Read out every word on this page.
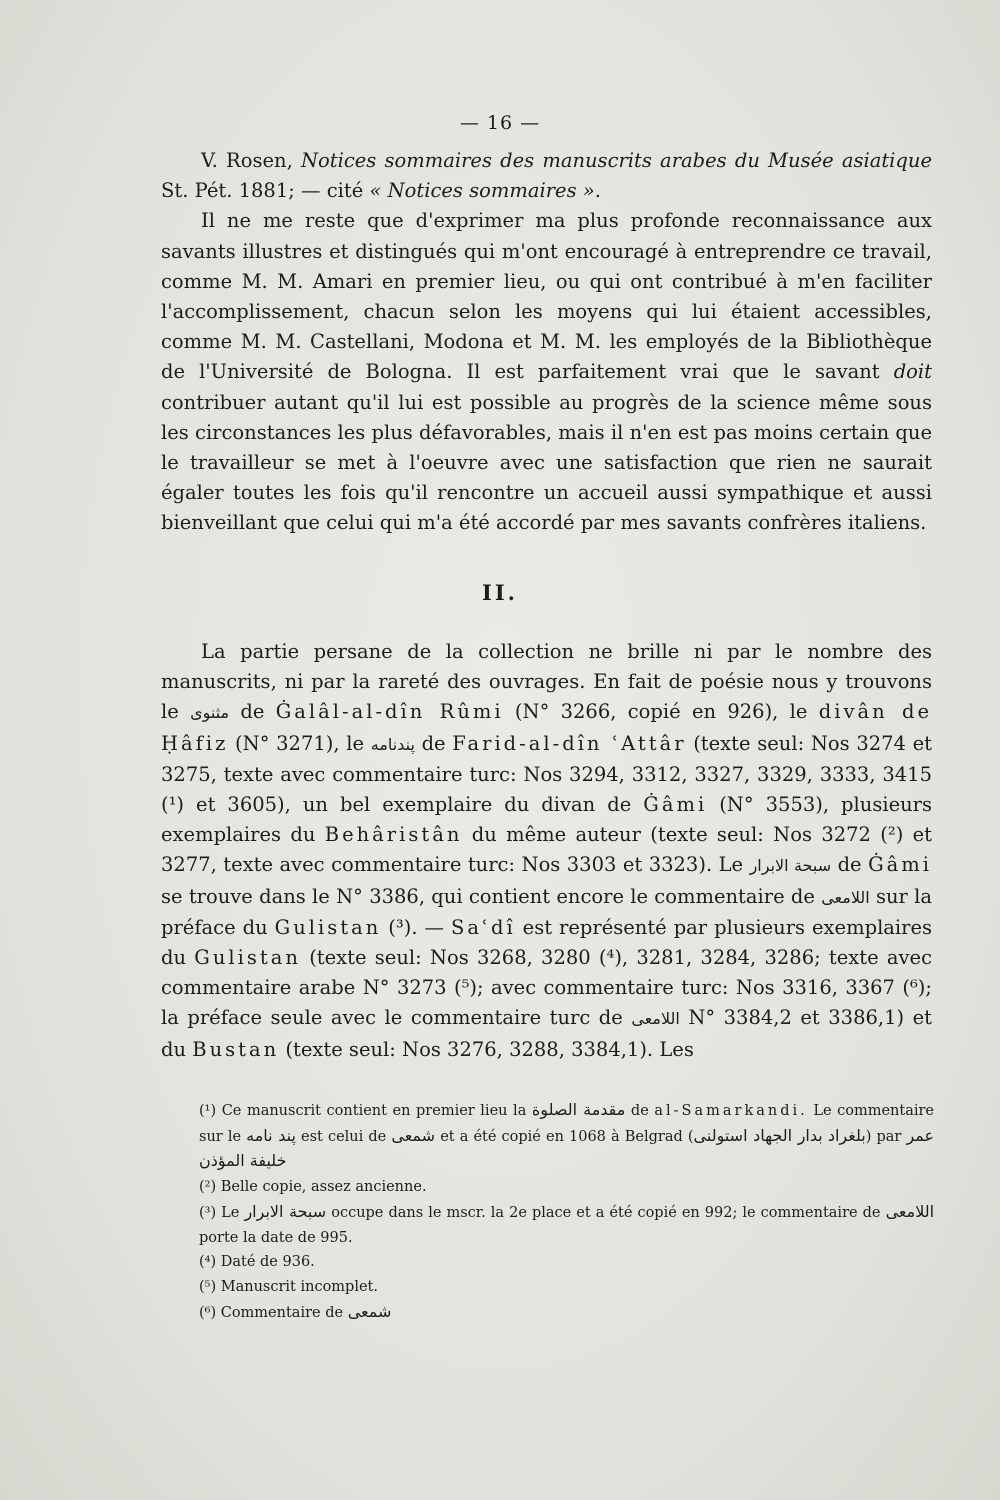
— 16 —

V. Rosen, Notices sommaires des manuscrits arabes du Musée asiatique St. Pét. 1881; — cité « Notices sommaires ».

Il ne me reste que d'exprimer ma plus profonde reconnaissance aux savants illustres et distingués qui m'ont encouragé à entreprendre ce travail, comme M. M. Amari en premier lieu, ou qui ont contribué à m'en faciliter l'accomplissement, chacun selon les moyens qui lui étaient accessibles, comme M. M. Castellani, Modona et M. M. les employés de la Bibliothèque de l'Université de Bologna. Il est parfaitement vrai que le savant doit contribuer autant qu'il lui est possible au progrès de la science même sous les circonstances les plus défavorables, mais il n'en est pas moins certain que le travailleur se met à l'oeuvre avec une satisfaction que rien ne saurait égaler toutes les fois qu'il rencontre un accueil aussi sympathique et aussi bienveillant que celui qui m'a été accordé par mes savants confrères italiens.

II.

La partie persane de la collection ne brille ni par le nombre des manuscrits, ni par la rareté des ouvrages. En fait de poésie nous y trouvons le مثنوى de Ġalâl-al-dîn Rûmi (N° 3266, copié en 926), le divân de Ḥâfiz (N° 3271), le پندنامه de Farid-al-dîn ʿAttâr (texte seul: Nos 3274 et 3275, texte avec commentaire turc: Nos 3294, 3312, 3327, 3329, 3333, 3415 (¹) et 3605), un bel exemplaire du divan de Ġâmi (N° 3553), plusieurs exemplaires du Behâristân du même auteur (texte seul: Nos 3272 (²) et 3277, texte avec commentaire turc: Nos 3303 et 3323). Le سبحة الابرار de Ġâmi se trouve dans le N° 3386, qui contient encore le commentaire de اللامعى sur la préface du Gulistan (³). — Saʿdî est représenté par plusieurs exemplaires du Gulistan (texte seul: Nos 3268, 3280 (⁴), 3281, 3284, 3286; texte avec commentaire arabe N° 3273 (⁵); avec commentaire turc: Nos 3316, 3367 (⁶); la préface seule avec le commentaire turc de اللامعى N° 3384,2 et 3386,1) et du Bustan (texte seul: Nos 3276, 3288, 3384,1). Les

(¹) Ce manuscrit contient en premier lieu la مقدمة الصلوة de al-Samarkandi. Le commentaire sur le پند نامه est celui de شمعى et a été copié en 1068 à Belgrad (بدار الجهاد استولنى بلغراد) par عمر خليفة المؤذن

(²) Belle copie, assez ancienne.

(³) Le سبحة الابرار occupe dans le mscr. la 2e place et a été copié en 992; le commentaire de اللامعى porte la date de 995.

(⁴) Daté de 936.

(⁵) Manuscrit incomplet.

(⁶) Commentaire de شمعى
